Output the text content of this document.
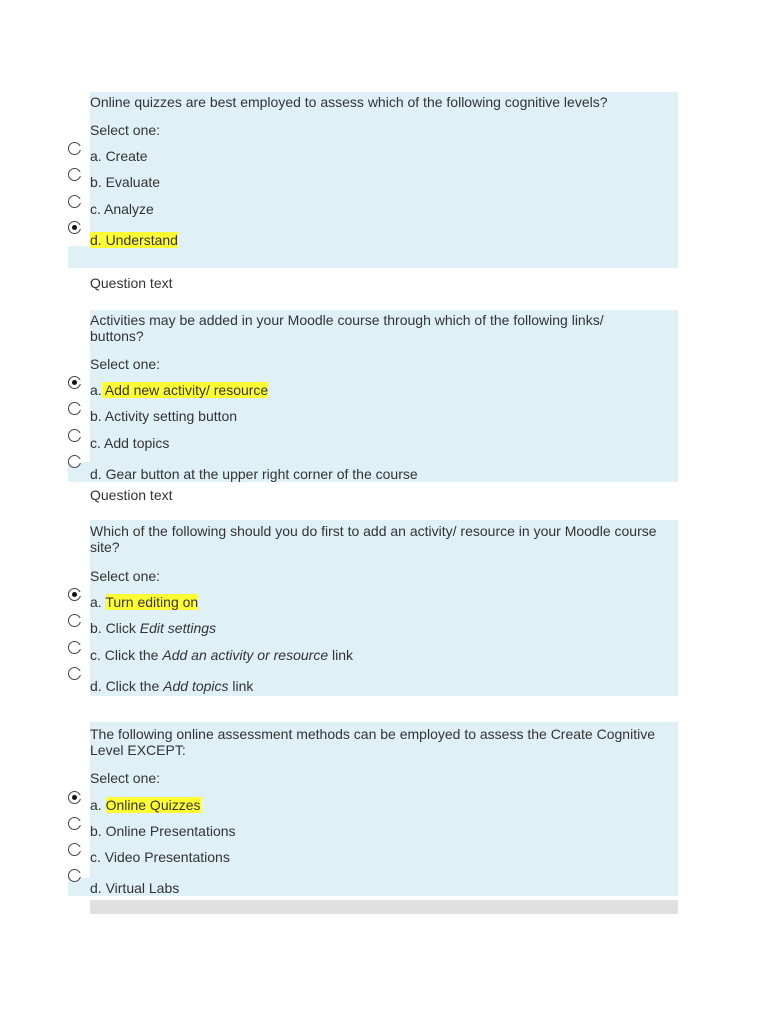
Online quizzes are best employed to assess which of the following cognitive levels?
Select one:
a. Create
b. Evaluate
c. Analyze
d. Understand
Question text
Activities may be added in your Moodle course through which of the following links/ buttons?
Select one:
a. Add new activity/ resource
b. Activity setting button
c. Add topics
d. Gear button at the upper right corner of the course
Question text
Which of the following should you do first to add an activity/ resource in your Moodle course site?
Select one:
a. Turn editing on
b. Click Edit settings
c. Click the Add an activity or resource link
d. Click the Add topics link
The following online assessment methods can be employed to assess the Create Cognitive Level EXCEPT:
Select one:
a. Online Quizzes
b. Online Presentations
c. Video Presentations
d. Virtual Labs
